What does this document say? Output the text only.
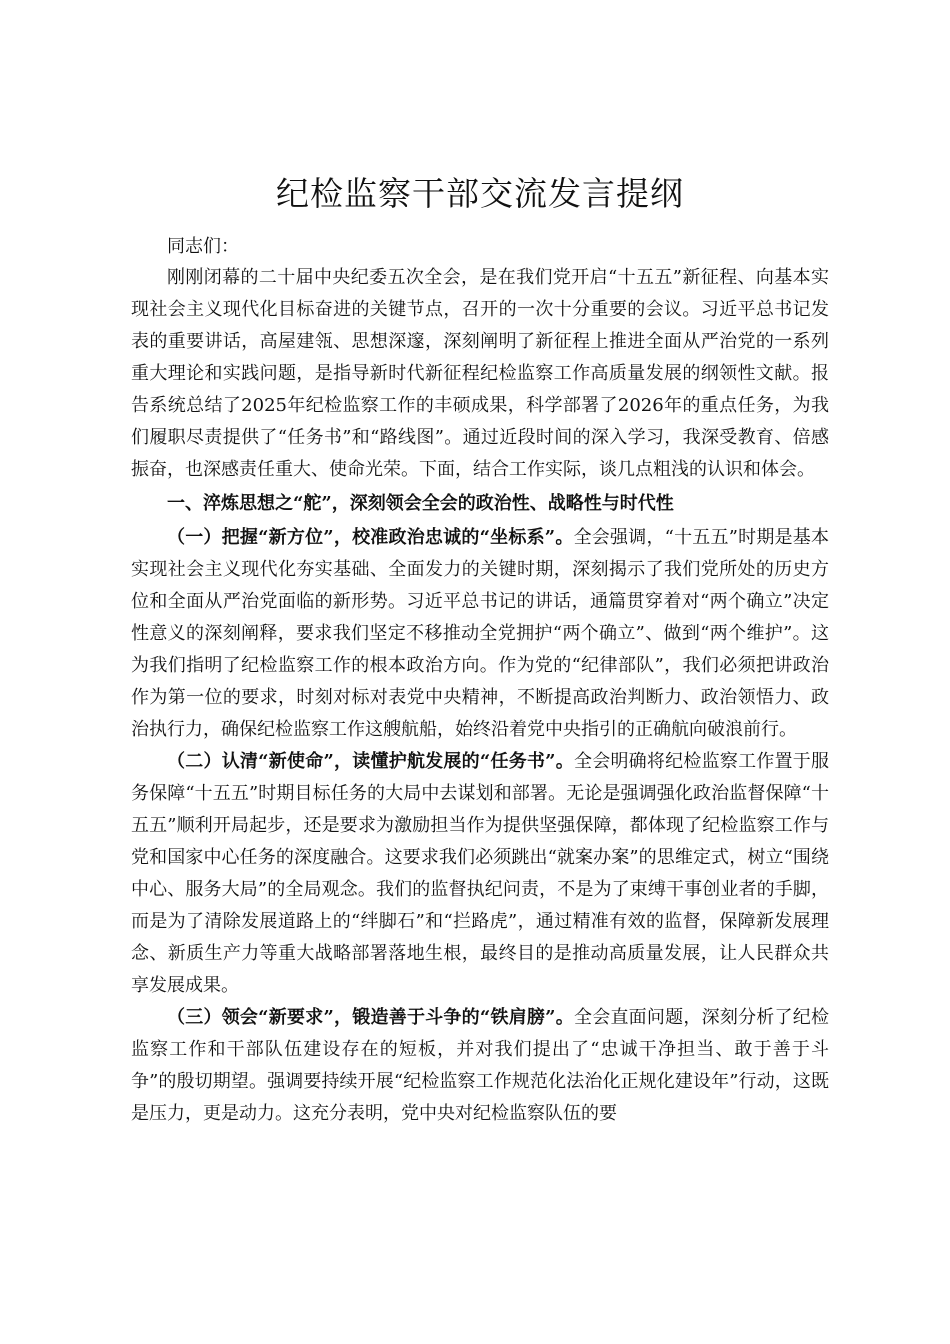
纪检监察干部交流发言提纲

同志们：

刚刚闭幕的二十届中央纪委五次全会，是在我们党开启“十五五”新征程、向基本实现社会主义现代化目标奋进的关键节点，召开的一次十分重要的会议。习近平总书记发表的重要讲话，高屋建瓴、思想深邃，深刻阐明了新征程上推进全面从严治党的一系列重大理论和实践问题，是指导新时代新征程纪检监察工作高质量发展的纲领性文献。报告系统总结了2025年纪检监察工作的丰硕成果，科学部署了2026年的重点任务，为我们履职尽责提供了“任务书”和“路线图”。通过近段时间的深入学习，我深受教育、倍感振奋，也深感责任重大、使命光荣。下面，结合工作实际，谈几点粗浅的认识和体会。

一、淬炼思想之“舵”，深刻领会全会的政治性、战略性与时代性

（一）把握“新方位”，校准政治忠诚的“坐标系”。全会强调，“十五五”时期是基本实现社会主义现代化夯实基础、全面发力的关键时期，深刻揭示了我们党所处的历史方位和全面从严治党面临的新形势。习近平总书记的讲话，通篇贯穿着对“两个确立”决定性意义的深刻阐释，要求我们坚定不移推动全党拥护“两个确立”、做到“两个维护”。这为我们指明了纪检监察工作的根本政治方向。作为党的“纪律部队”，我们必须把讲政治作为第一位的要求，时刻对标对表党中央精神，不断提高政治判断力、政治领悟力、政治执行力，确保纪检监察工作这艘航船，始终沿着党中央指引的正确航向破浪前行。

（二）认清“新使命”，读懂护航发展的“任务书”。全会明确将纪检监察工作置于服务保障“十五五”时期目标任务的大局中去谋划和部署。无论是强调强化政治监督保障“十五五”顺利开局起步，还是要求为激励担当作为提供坚强保障，都体现了纪检监察工作与党和国家中心任务的深度融合。这要求我们必须跳出“就案办案”的思维定式，树立“围绕中心、服务大局”的全局观念。我们的监督执纪问责，不是为了束缚干事创业者的手脚，而是为了清除发展道路上的“绊脚石”和“拦路虎”，通过精准有效的监督，保障新发展理念、新质生产力等重大战略部署落地生根，最终目的是推动高质量发展，让人民群众共享发展成果。

（三）领会“新要求”，锻造善于斗争的“铁肩膀”。全会直面问题，深刻分析了纪检监察工作和干部队伍建设存在的短板，并对我们提出了“忠诚干净担当、敢于善于斗争”的殷切期望。强调要持续开展“纪检监察工作规范化法治化正规化建设年”行动，这既是压力，更是动力。这充分表明，党中央对纪检监察队伍的要
